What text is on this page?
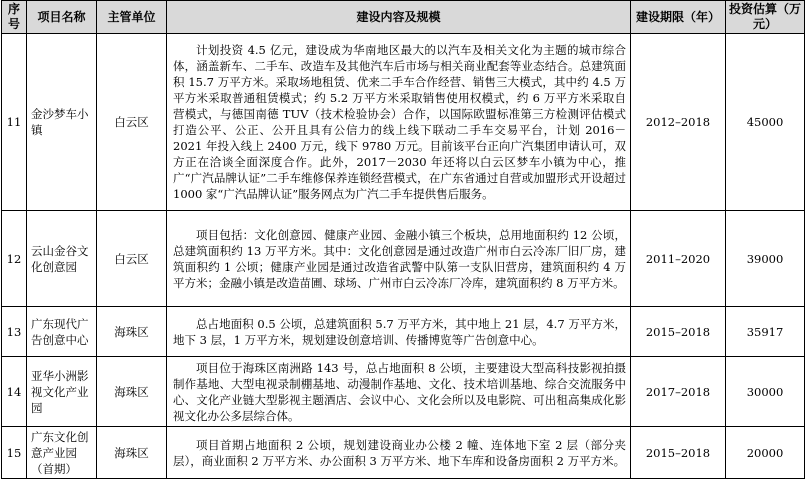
序号	项目名称	主管单位	建设内容及规模	建设期限（年）	投资估算（万元）
11	金沙梦车小镇	白云区	计划投资 4.5 亿元，建设成为华南地区最大的以汽车及相关文化为主题的城市综合体，涵盖新车、二手车、改造车及其他汽车后市场与相关商业配套等业态结合。总建筑面积 15.7 万平方米。采取场地租赁、优来二手车合作经营、销售三大模式，其中约 4.5 万平方米采取普通租赁模式；约 5.2 万平方米采取销售使用权模式，约 6 万平方米采取自营模式，与德国南德 TUV（技术检验协会）合作，以国际欧盟标准第三方检测评估模式打造公平、公正、公开且具有公信力的线上线下联动二手车交易平台，计划 2016－2021 年投入线上 2400 万元，线下 9780 万元。目前该平台正向广汽集团申请认可，双方正在洽谈全面深度合作。此外，2017－2030 年还将以白云区梦车小镇为中心，推广“广汽品牌认证”二手车维修保养连锁经营模式，在广东省通过自营或加盟形式开设超过 1000 家“广汽品牌认证”服务网点为广汽二手车提供售后服务。	2012–2018	45000
12	云山金谷文化创意园	白云区	项目包括：文化创意园、健康产业园、金融小镇三个板块，总用地面积约 12 公顷，总建筑面积约 13 万平方米。其中：文化创意园是通过改造广州市白云冷冻厂旧厂房，建筑面积约 1 公顷；健康产业园是通过改造省武警中队第一支队旧营房，建筑面积约 4 万平方米；金融小镇是改造苗圃、球场、广州市白云冷冻厂冷库，建筑面积约 8 万平方米。	2011–2020	39000
13	广东现代广告创意中心	海珠区	总占地面积 0.5 公顷，总建筑面积 5.7 万平方米，其中地上 21 层，4.7 万平方米，地下 3 层，1 万平方米，规划建设创意培训、传播博览等广告创意中心。	2015–2018	35917
14	亚华小洲影视文化产业园	海珠区	项目位于海珠区南洲路 143 号，总占地面积 8 公顷，主要建设大型高科技影视拍摄制作基地、大型电视录制棚基地、动漫制作基地、文化、技术培训基地、综合交流服务中心、文化产业链大型影视主题酒店、会议中心、文化会所以及电影院、可出租高集成化影视文化办公多层综合体。	2017–2018	30000
15	广东文化创意产业园（首期）	海珠区	项目首期占地面积 2 公顷，规划建设商业办公楼 2 幢、连体地下室 2 层（部分夹层），商业面积 2 万平方米、办公面积 3 万平方米、地下车库和设备房面积 2 万平方米。	2015–2018	20000
